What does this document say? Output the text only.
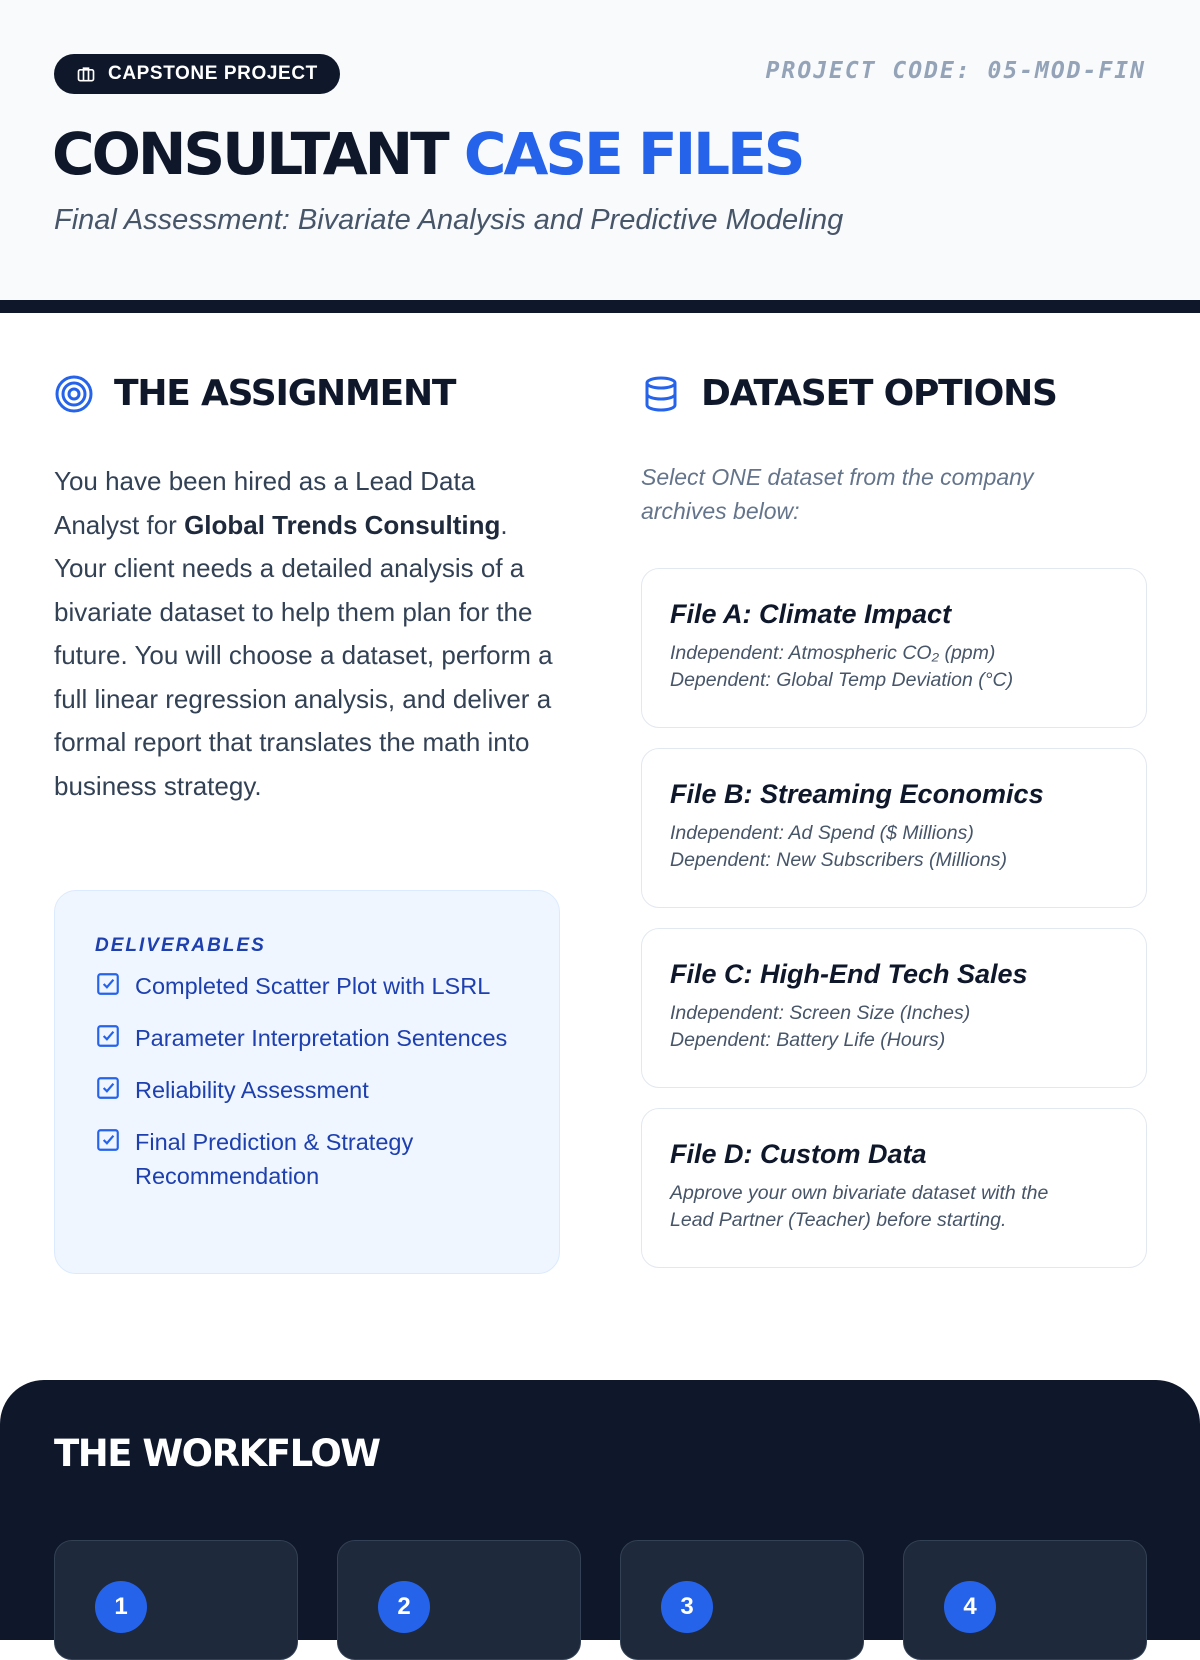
CAPSTONE PROJECT	PROJECT CODE: 05-MOD-FIN
CONSULTANT CASE FILES
Final Assessment: Bivariate Analysis and Predictive Modeling
THE ASSIGNMENT
You have been hired as a Lead Data Analyst for Global Trends Consulting. Your client needs a detailed analysis of a bivariate dataset to help them plan for the future. You will choose a dataset, perform a full linear regression analysis, and deliver a formal report that translates the math into business strategy.
DELIVERABLES
Completed Scatter Plot with LSRL
Parameter Interpretation Sentences
Reliability Assessment
Final Prediction & Strategy Recommendation
DATASET OPTIONS
Select ONE dataset from the company archives below:
File A: Climate Impact
Independent: Atmospheric CO₂ (ppm)
Dependent: Global Temp Deviation (°C)
File B: Streaming Economics
Independent: Ad Spend ($ Millions)
Dependent: New Subscribers (Millions)
File C: High-End Tech Sales
Independent: Screen Size (Inches)
Dependent: Battery Life (Hours)
File D: Custom Data
Approve your own bivariate dataset with the
Lead Partner (Teacher) before starting.
THE WORKFLOW
1	2	3	4
